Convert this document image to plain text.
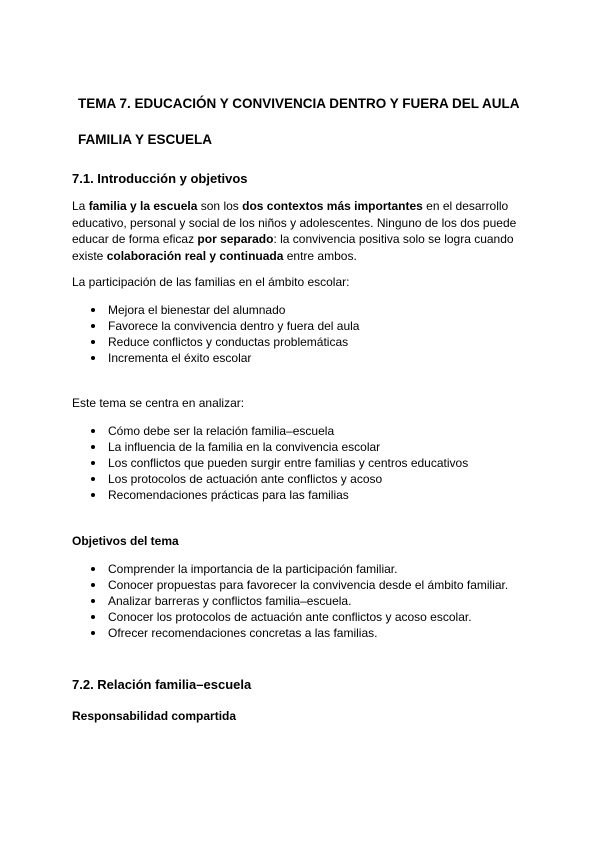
TEMA 7. EDUCACIÓN Y CONVIVENCIA DENTRO Y FUERA DEL AULA
FAMILIA Y ESCUELA
7.1. Introducción y objetivos
La familia y la escuela son los dos contextos más importantes en el desarrollo
educativo, personal y social de los niños y adolescentes. Ninguno de los dos puede
educar de forma eficaz por separado: la convivencia positiva solo se logra cuando
existe colaboración real y continuada entre ambos.
La participación de las familias en el ámbito escolar:
Mejora el bienestar del alumnado
Favorece la convivencia dentro y fuera del aula
Reduce conflictos y conductas problemáticas
Incrementa el éxito escolar
Este tema se centra en analizar:
Cómo debe ser la relación familia–escuela
La influencia de la familia en la convivencia escolar
Los conflictos que pueden surgir entre familias y centros educativos
Los protocolos de actuación ante conflictos y acoso
Recomendaciones prácticas para las familias
Objetivos del tema
Comprender la importancia de la participación familiar.
Conocer propuestas para favorecer la convivencia desde el ámbito familiar.
Analizar barreras y conflictos familia–escuela.
Conocer los protocolos de actuación ante conflictos y acoso escolar.
Ofrecer recomendaciones concretas a las familias.
7.2. Relación familia–escuela
Responsabilidad compartida
